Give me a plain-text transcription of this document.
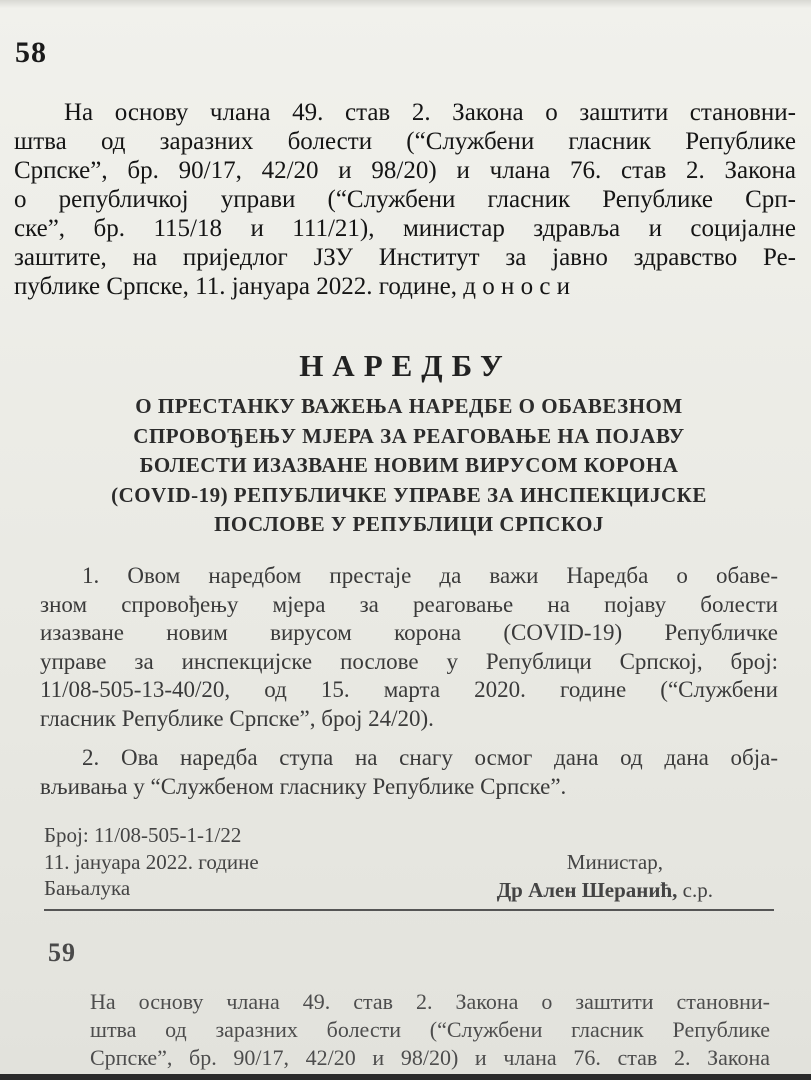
58
На основу члана 49. став 2. Закона о заштити становни-
штва од заразних болести (“Службени гласник Републике
Српске”, бр. 90/17, 42/20 и 98/20) и члана 76. став 2. Закона
о републичкој управи (“Службени гласник Републике Срп-
ске”, бр. 115/18 и 111/21), министар здравља и социјалне
заштите, на приједлог ЈЗУ Институт за јавно здравство Ре-
публике Српске, 11. јануара 2022. године, д о н о с и
НАРЕДБУ
О ПРЕСТАНКУ ВАЖЕЊА НАРЕДБЕ О ОБАВЕЗНОМ
СПРОВОЂЕЊУ МЈЕРА ЗА РЕАГОВАЊЕ НА ПОЈАВУ
БОЛЕСТИ ИЗАЗВАНЕ НОВИМ ВИРУСОМ КОРОНА
(COVID-19) РЕПУБЛИЧКЕ УПРАВЕ ЗА ИНСПЕКЦИЈСКЕ
ПОСЛОВЕ У РЕПУБЛИЦИ СРПСКОЈ
1. Овом наредбом престаје да важи Наредба о обаве-
зном спровођењу мјера за реаговање на појаву болести
изазване новим вирусом корона (COVID-19) Републичке
управе за инспекцијске послове у Републици Српској, број:
11/08-505-13-40/20, од 15. марта 2020. године (“Службени
гласник Републике Српске”, број 24/20).
2. Ова наредба ступа на снагу осмог дана од дана обја-
вљивања у “Службеном гласнику Републике Српске”.
Број: 11/08-505-1-1/22
11. јануара 2022. године
Бањалука
Министар,
Др Ален Шеранић, с.р.
59
На основу члана 49. став 2. Закона о заштити становни-
штва од заразних болести (“Службени гласник Републике
Српске”, бр. 90/17, 42/20 и 98/20) и члана 76. став 2. Закона
